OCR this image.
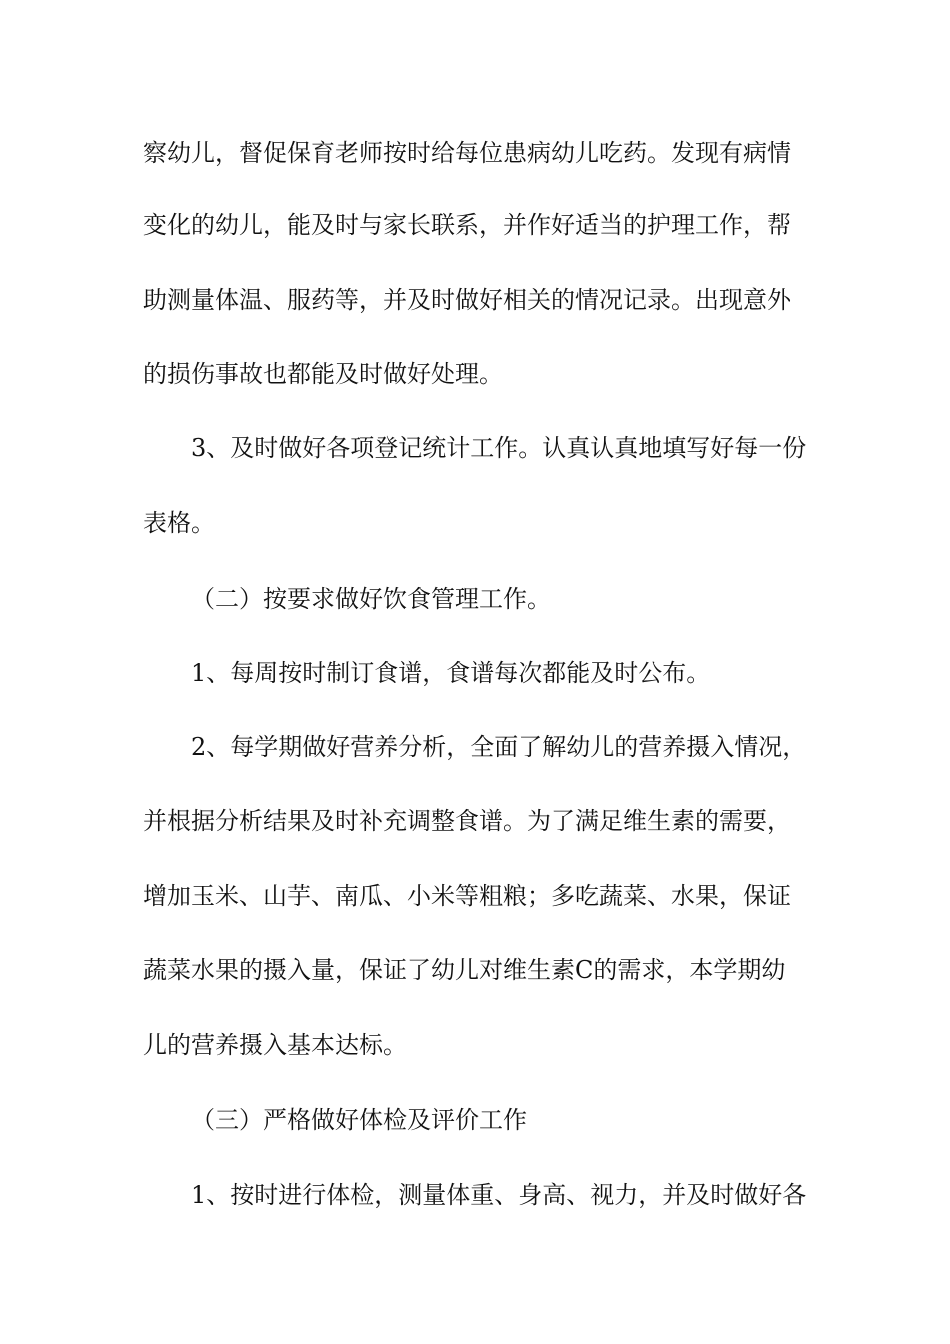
察幼儿，督促保育老师按时给每位患病幼儿吃药。发现有病情
变化的幼儿，能及时与家长联系，并作好适当的护理工作，帮
助测量体温、服药等，并及时做好相关的情况记录。出现意外
的损伤事故也都能及时做好处理。
3、及时做好各项登记统计工作。认真认真地填写好每一份
表格。
（二）按要求做好饮食管理工作。
1、每周按时制订食谱，食谱每次都能及时公布。
2、每学期做好营养分析，全面了解幼儿的营养摄入情况，
并根据分析结果及时补充调整食谱。为了满足维生素的需要，
增加玉米、山芋、南瓜、小米等粗粮；多吃蔬菜、水果，保证
蔬菜水果的摄入量，保证了幼儿对维生素C的需求，本学期幼
儿的营养摄入基本达标。
（三）严格做好体检及评价工作
1、按时进行体检，测量体重、身高、视力，并及时做好各
